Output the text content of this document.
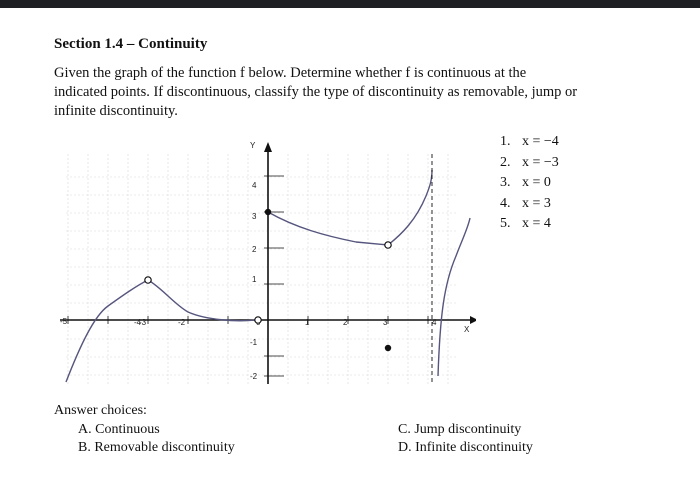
Section 1.4 – Continuity
Given the graph of the function f below. Determine whether f is continuous at the
indicated points. If discontinuous, classify the type of discontinuity as removable, jump or
infinite discontinuity.
Y
X
-5	-4
-3	-2	1	2	3	4
4
3
2
1
-1
-2
1. x = −4
2. x = −3
3. x = 0
4. x = 3
5. x = 4
Answer choices:
A. Continuous
B. Removable discontinuity
C. Jump discontinuity
D. Infinite discontinuity
